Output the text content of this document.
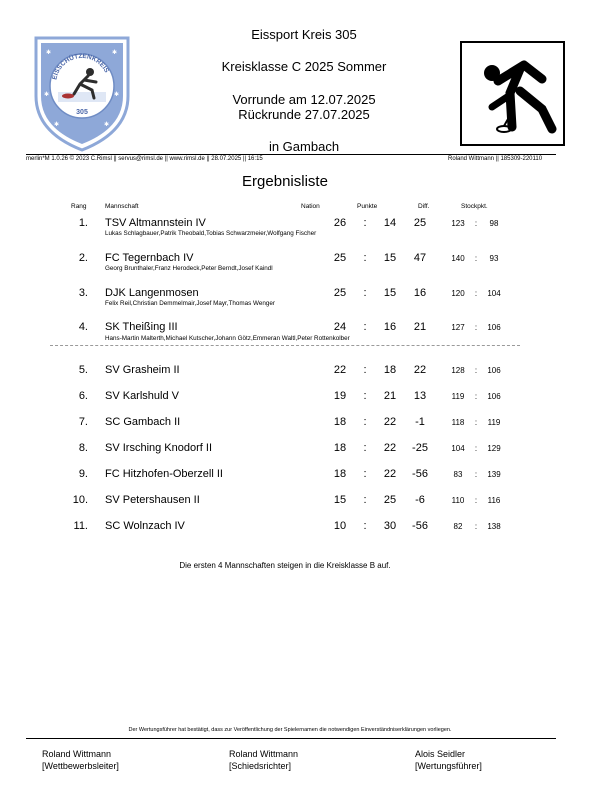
EISSCHÜTZENKREIS
305
✱	✱
✱	✱
✱	✱
Eissport Kreis 305
Kreisklasse C 2025 Sommer
Vorrunde am 12.07.2025
Rückrunde 27.07.2025
in Gambach
merlin*M 1.0.26 © 2023 C.Rimsl || servus@rimsl.de || www.rimsl.de || 28.07.2025 || 16:15	Roland Wittmann || 185309-220110
Ergebnisliste
Rang	Mannschaft	Nation	Punkte	Diff.	Stockpkt.
1. TSV Altmannstein IV
Lukas Schlagbauer,Patrik Theobald,Tobias Schwarzmeier,Wolfgang Fischer
26	:	14	25	123	:	98
2. FC Tegernbach IV
Georg Brunthaler,Franz Herodeck,Peter Berndt,Josef Kaindl
25	:	15	47	140	:	93
3. DJK Langenmosen
Felix Reil,Christian Demmelmair,Josef Mayr,Thomas Wenger
25	:	15	16	120	:	104
4. SK Theißing III
Hans-Martin Malterth,Michael Kutscher,Johann Götz,Emmeran Waltl,Peter Rottenkolber
24	:	16	21	127	:	106
5. SV Grasheim II	22	:	18	22	128	:	106
6. SV Karlshuld V	19	:	21	13	119	:	106
7. SC Gambach II	18	:	22	-1	118	:	119
8. SV Irsching Knodorf II	18	:	22	-25	104	:	129
9. FC Hitzhofen-Oberzell II	18	:	22	-56	83	:	139
10. SV Petershausen II	15	:	25	-6	110	:	116
11. SC Wolnzach IV	10	:	30	-56	82	:	138
Die ersten 4 Mannschaften steigen in die Kreisklasse B auf.
Der Wertungsführer hat bestätigt, dass zur Veröffentlichung der Spielernamen die notwendigen Einverständniserklärungen vorliegen.
Roland Wittmann
[Wettbewerbsleiter]
Roland Wittmann
[Schiedsrichter]
Alois Seidler
[Wertungsführer]
